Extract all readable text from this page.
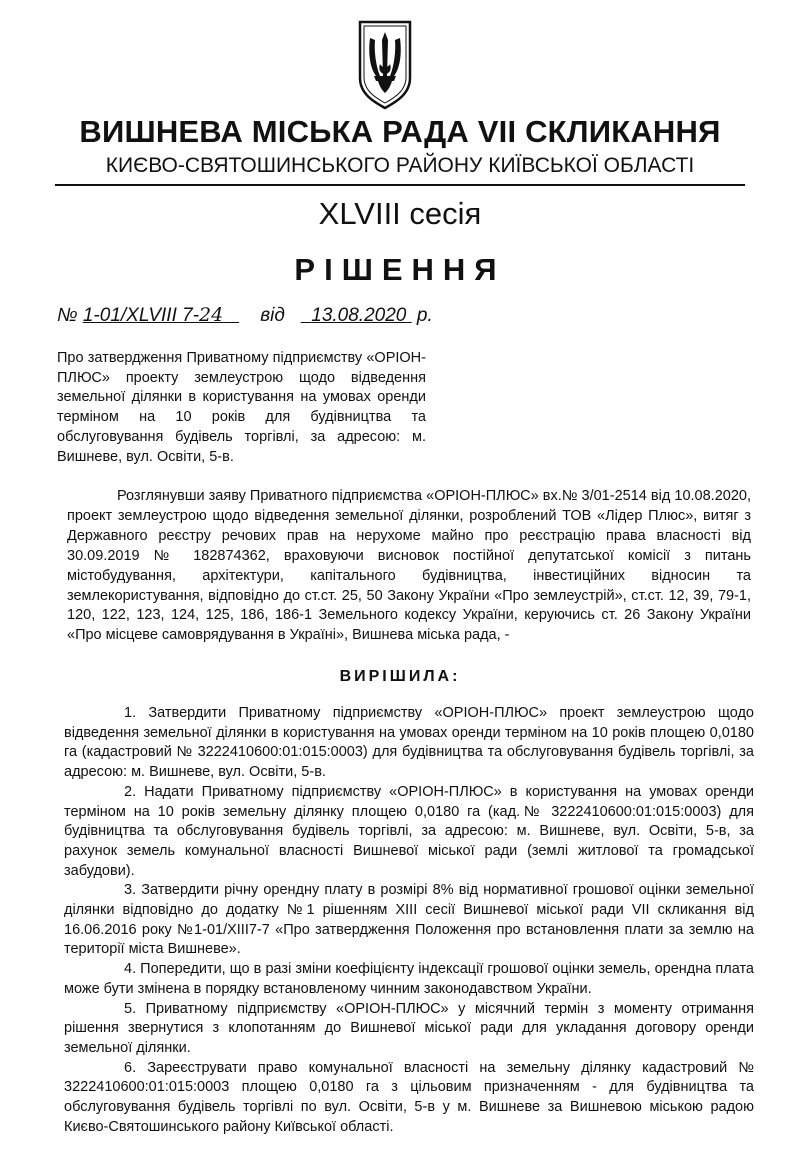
ВИШНЕВА МІСЬКА РАДА VII СКЛИКАННЯ
КИЄВО-СВЯТОШИНСЬКОГО РАЙОНУ КИЇВСЬКОЇ ОБЛАСТІ
XLVIII сесія
РІШЕННЯ
№ 1-01/XLVIII 7-24 від 13.08.2020 р.
Про затвердження Приватному підприємству «ОРІОН-ПЛЮС» проекту землеустрою щодо відведення земельної ділянки в користування на умовах оренди терміном на 10 років для будівництва та обслуговування будівель торгівлі, за адресою: м. Вишневе, вул. Освіти, 5-в.
Розглянувши заяву Приватного підприємства «ОРІОН-ПЛЮС» вх.№ 3/01-2514 від 10.08.2020, проект землеустрою щодо відведення земельної ділянки, розроблений ТОВ «Лідер Плюс», витяг з Державного реєстру речових прав на нерухоме майно про реєстрацію права власності від 30.09.2019 № 182874362, враховуючи висновок постійної депутатської комісії з питань містобудування, архітектури, капітального будівництва, інвестиційних відносин та землекористування, відповідно до ст.ст. 25, 50 Закону України «Про землеустрій», ст.ст. 12, 39, 79-1, 120, 122, 123, 124, 125, 186, 186-1 Земельного кодексу України, керуючись ст. 26 Закону України «Про місцеве самоврядування в Україні», Вишнева міська рада, -
ВИРІШИЛА:

1. Затвердити Приватному підприємству «ОРІОН-ПЛЮС» проект землеустрою щодо відведення земельної ділянки в користування на умовах оренди терміном на 10 років площею 0,0180 га (кадастровий № 3222410600:01:015:0003) для будівництва та обслуговування будівель торгівлі, за адресою: м. Вишневе, вул. Освіти, 5-в.

2. Надати Приватному підприємству «ОРІОН-ПЛЮС» в користування на умовах оренди терміном на 10 років земельну ділянку площею 0,0180 га (кад.№ 3222410600:01:015:0003) для будівництва та обслуговування будівель торгівлі, за адресою: м. Вишневе, вул. Освіти, 5-в, за рахунок земель комунальної власності Вишневої міської ради (землі житлової та громадської забудови).

3. Затвердити річну орендну плату в розмірі 8% від нормативної грошової оцінки земельної ділянки відповідно до додатку №1 рішенням XIII сесії Вишневої міської ради VII скликання від 16.06.2016 року №1-01/XIII7-7 «Про затвердження Положення про встановлення плати за землю на території міста Вишневе».

4. Попередити, що в разі зміни коефіцієнту індексації грошової оцінки земель, орендна плата може бути змінена в порядку встановленому чинним законодавством України.

5. Приватному підприємству «ОРІОН-ПЛЮС» у місячний термін з моменту отримання рішення звернутися з клопотанням до Вишневої міської ради для укладання договору оренди земельної ділянки.

6. Зареєструвати право комунальної власності на земельну ділянку кадастровий № 3222410600:01:015:0003 площею 0,0180 га з цільовим призначенням - для будівництва та обслуговування будівель торгівлі по вул. Освіти, 5-в у м. Вишневе за Вишневою міською радою Києво-Святошинського району Київської області.
